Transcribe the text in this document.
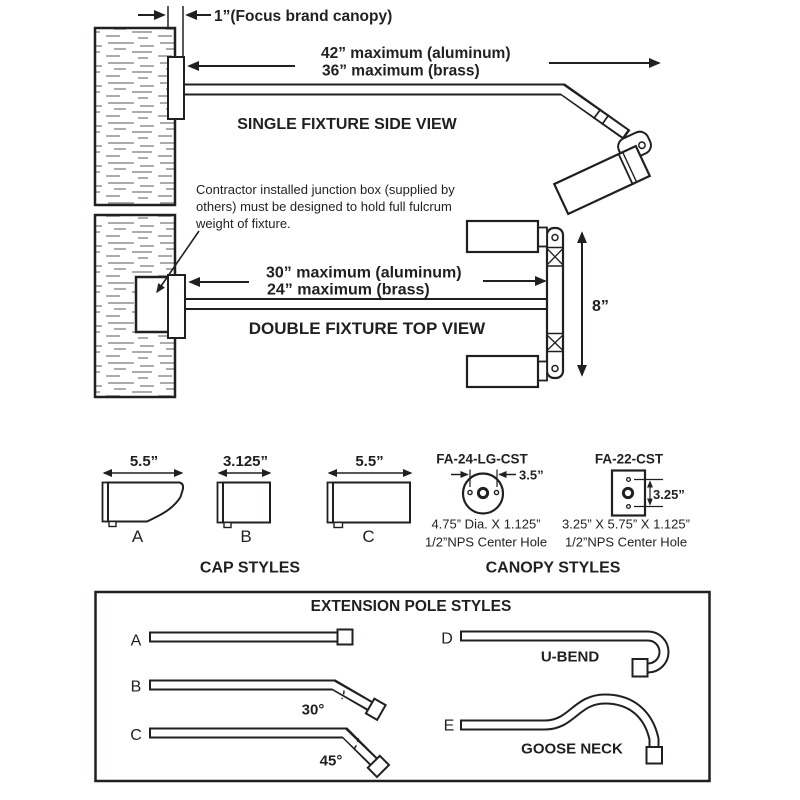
1”(Focus brand canopy)
42” maximum (aluminum)
36” maximum (brass)
SINGLE FIXTURE SIDE VIEW
8”
30” maximum (aluminum)
24” maximum (brass)
DOUBLE FIXTURE TOP VIEW
Contractor installed junction box (supplied by
others) must be designed to hold full fulcrum
weight of fixture.
5.5”
A
3.125”
B
5.5”
C
CAP STYLES
FA-24-LG-CST
3.5”
4.75” Dia. X 1.125”
1/2”NPS Center Hole
FA-22-CST
3.25”
3.25” X 5.75” X 1.125”
1/2”NPS Center Hole
CANOPY STYLES
EXTENSION POLE STYLES
A
B
30°
C
45°
D
U-BEND
E
GOOSE NECK
